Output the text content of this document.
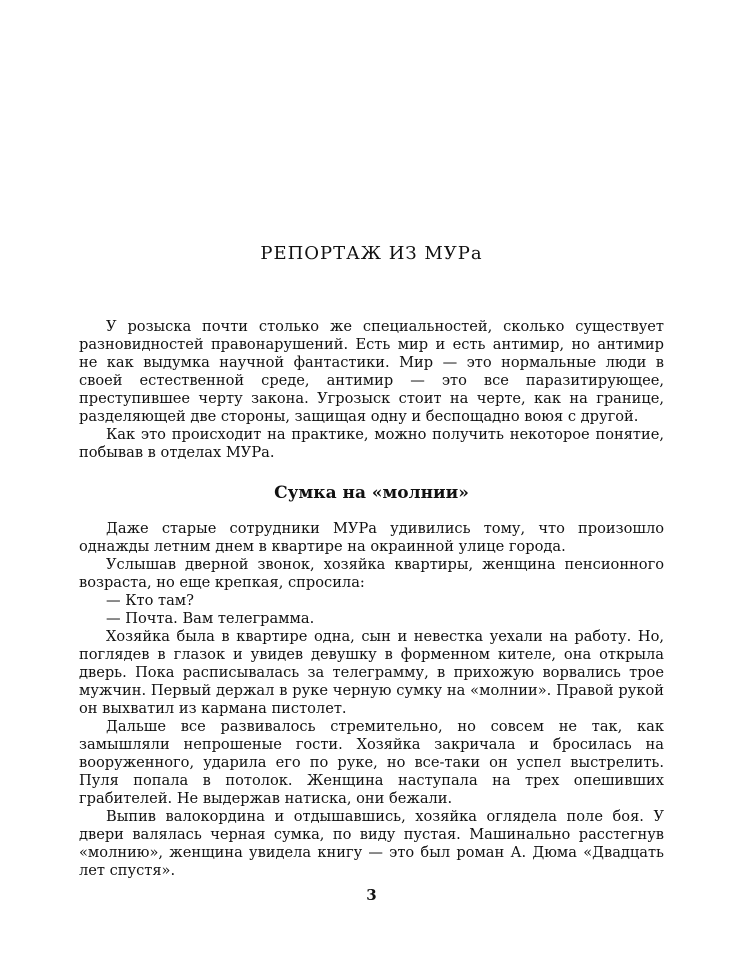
РЕПОРТАЖ ИЗ МУРа

У розыска почти столько же специальностей, сколько существует разновидностей правонарушений. Есть мир и есть антимир, но антимир не как выдумка научной фантастики. Мир — это нормальные люди в своей естественной среде, антимир — это все паразитирующее, преступившее черту закона. Угрозыск стоит на черте, как на границе, разделяющей две стороны, защищая одну и беспощадно воюя с другой.

Как это происходит на практике, можно получить некоторое понятие, побывав в отделах МУРа.

Сумка на «молнии»

Даже старые сотрудники МУРа удивились тому, что произошло однажды летним днем в квартире на окраинной улице города.

Услышав дверной звонок, хозяйка квартиры, женщина пенсионного возраста, но еще крепкая, спросила:

— Кто там?

— Почта. Вам телеграмма.

Хозяйка была в квартире одна, сын и невестка уехали на работу. Но, поглядев в глазок и увидев девушку в форменном кителе, она открыла дверь. Пока расписывалась за телеграмму, в прихожую ворвались трое мужчин. Первый держал в руке черную сумку на «молнии». Правой рукой он выхватил из кармана пистолет.

Дальше все развивалось стремительно, но совсем не так, как замышляли непрошеные гости. Хозяйка закричала и бросилась на вооруженного, ударила его по руке, но все-таки он успел выстрелить. Пуля попала в потолок. Женщина наступала на трех опешивших грабителей. Не выдержав натиска, они бежали.

Выпив валокордина и отдышавшись, хозяйка оглядела поле боя. У двери валялась черная сумка, по виду пустая. Машинально расстегнув «молнию», женщина увидела книгу — это был роман А. Дюма «Двадцать лет спустя».

3
